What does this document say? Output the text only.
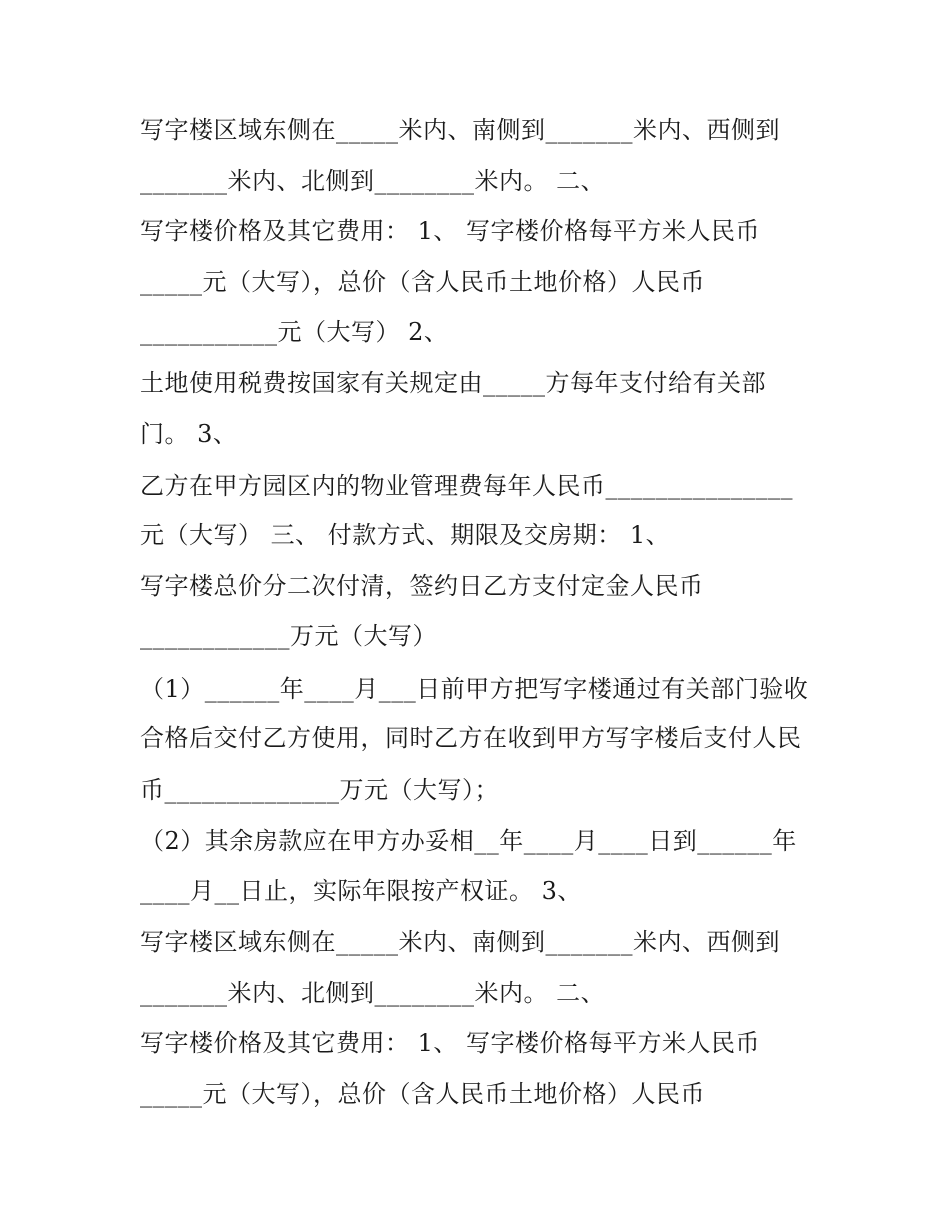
写字楼区域东侧在_____米内、南侧到_______米内、西侧到

_______米内、北侧到________米内。 二、

写字楼价格及其它费用： 1、 写字楼价格每平方米人民币

_____元（大写），总价（含人民币土地价格）人民币

___________元（大写） 2、

土地使用税费按国家有关规定由_____方每年支付给有关部

门。 3、

乙方在甲方园区内的物业管理费每年人民币_______________

元（大写） 三、 付款方式、期限及交房期： 1、

写字楼总价分二次付清，签约日乙方支付定金人民币

____________万元（大写）

（1）______年____月___日前甲方把写字楼通过有关部门验收

合格后交付乙方使用，同时乙方在收到甲方写字楼后支付人民

币______________万元（大写）；

（2）其余房款应在甲方办妥相__年____月____日到______年

____月__日止，实际年限按产权证。 3、

写字楼区域东侧在_____米内、南侧到_______米内、西侧到

_______米内、北侧到________米内。 二、

写字楼价格及其它费用： 1、 写字楼价格每平方米人民币

_____元（大写），总价（含人民币土地价格）人民币
